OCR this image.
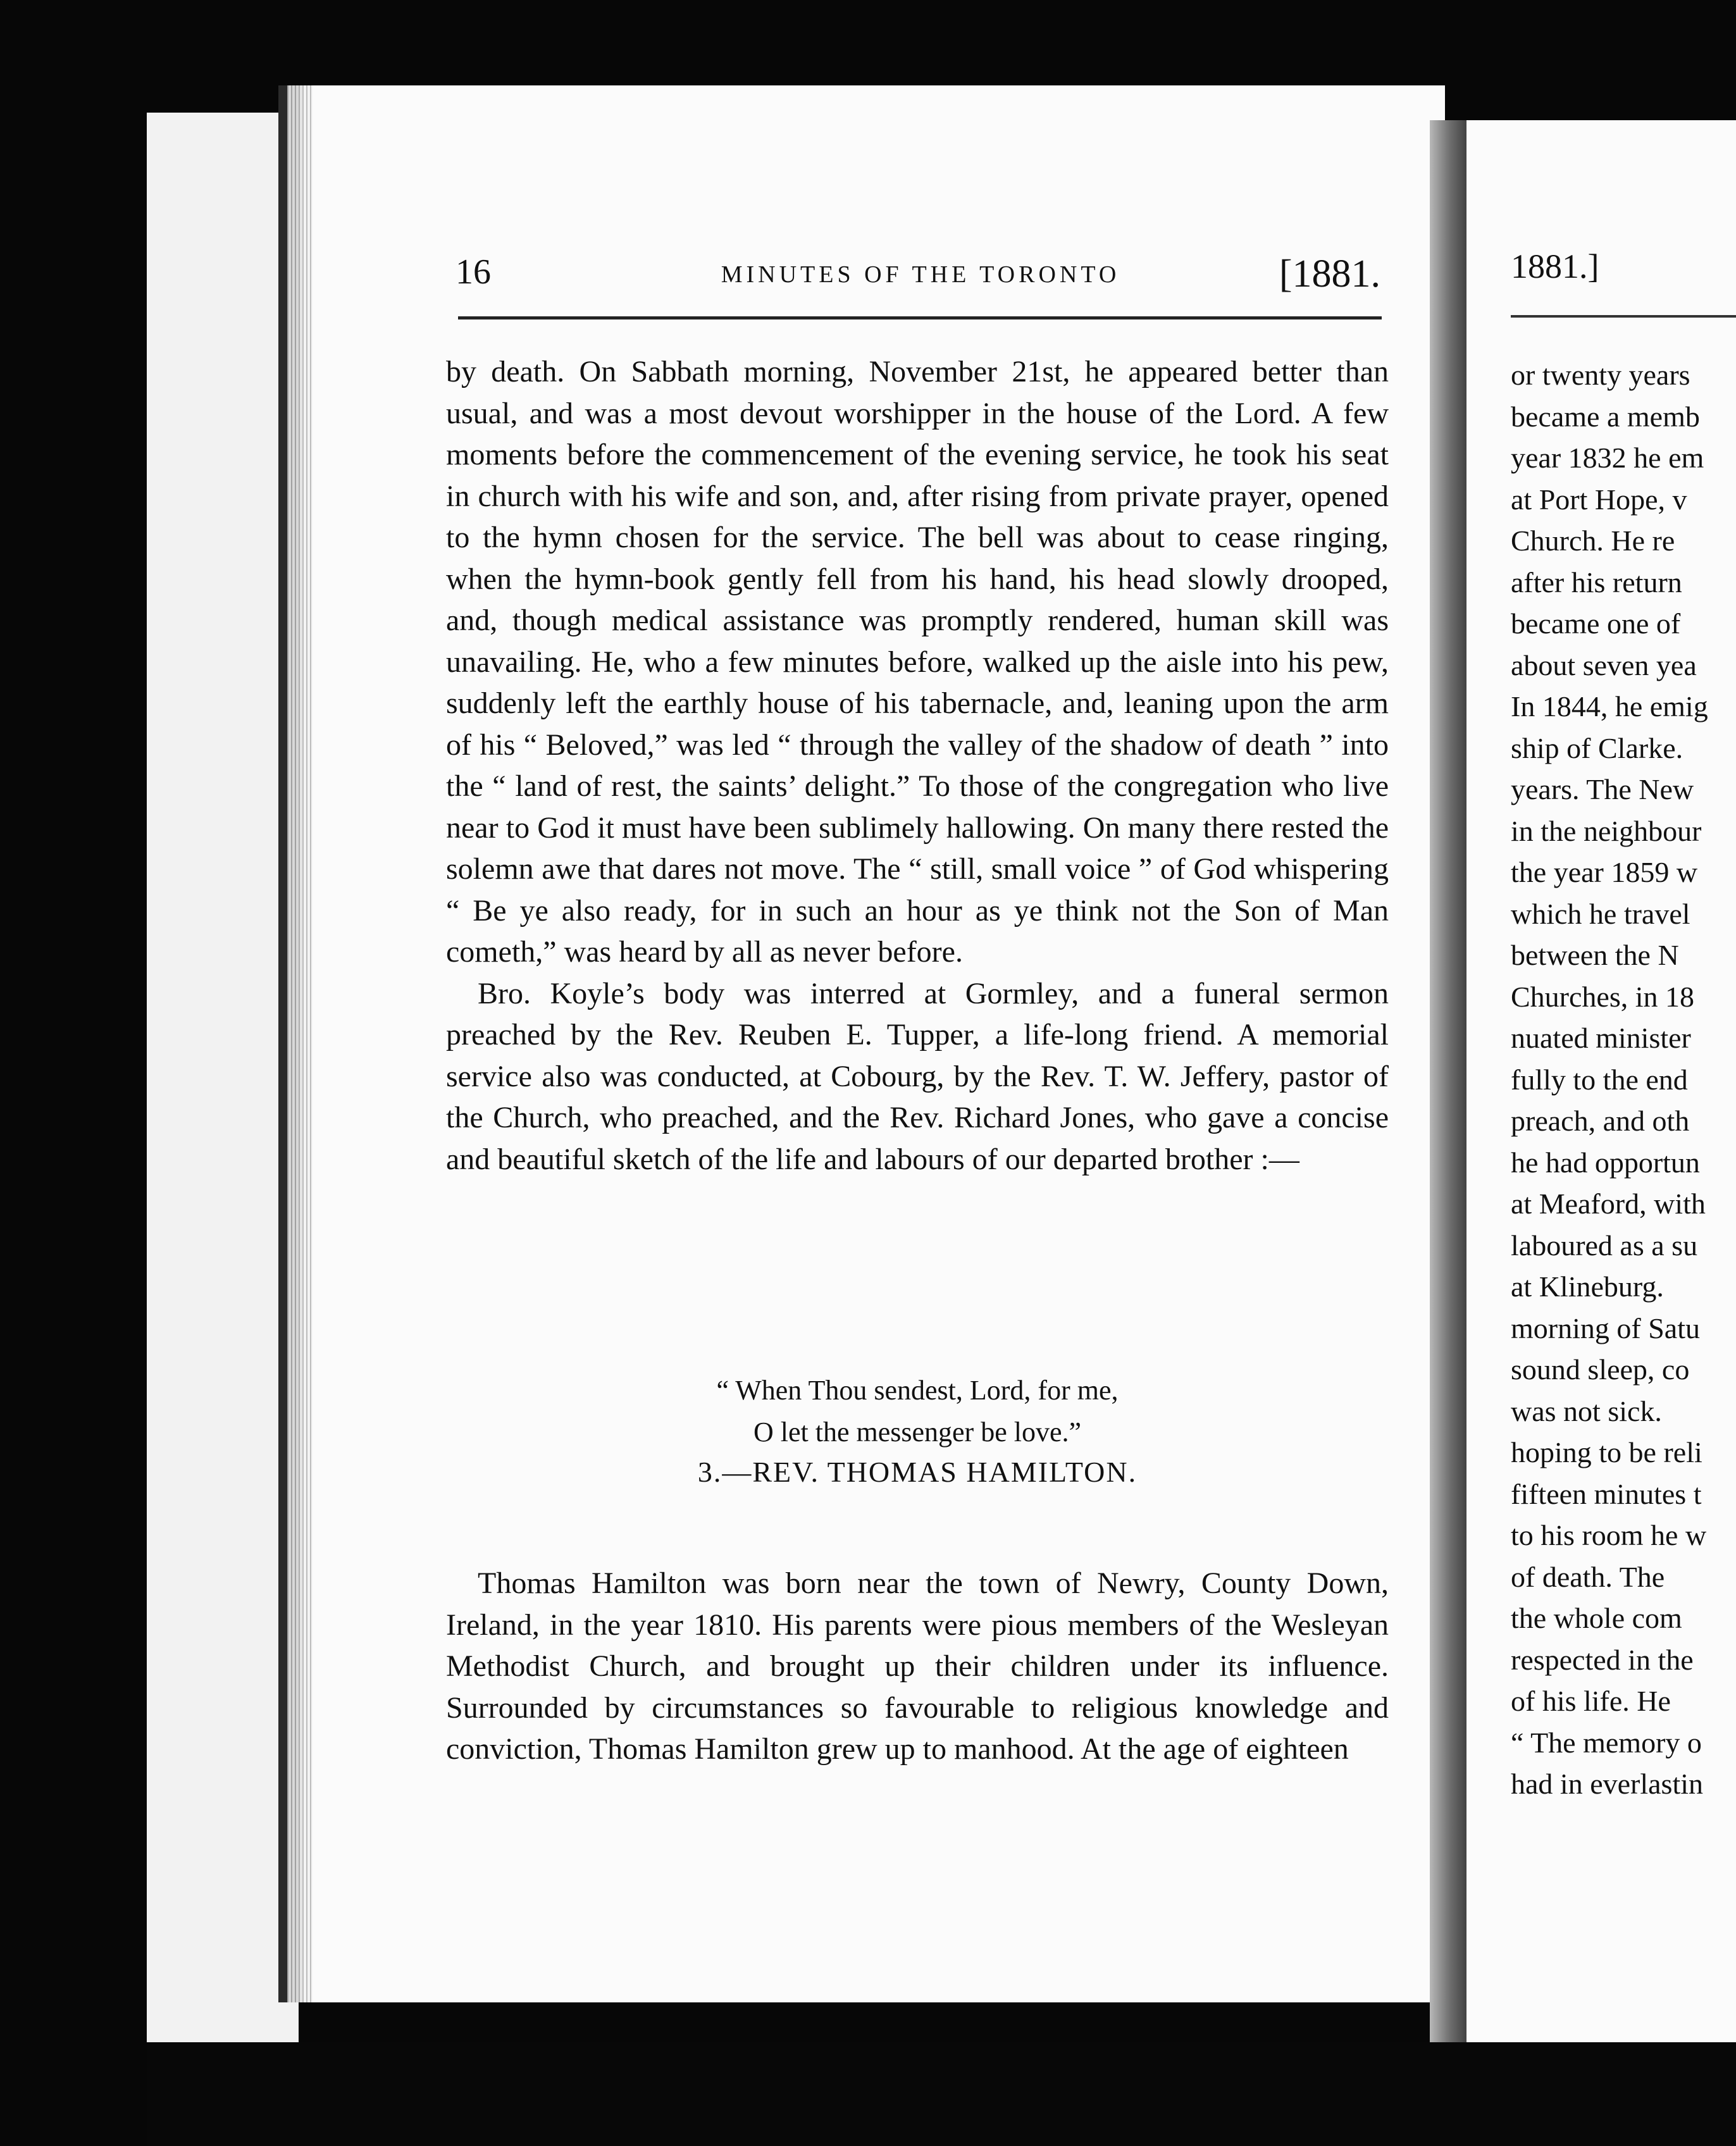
16	MINUTES OF THE TORONTO	[1881.

by death. On Sabbath morning, November 21st, he appeared better than usual, and was a most devout worshipper in the house of the Lord. A few moments before the commencement of the evening service, he took his seat in church with his wife and son, and, after rising from private prayer, opened to the hymn chosen for the service. The bell was about to cease ringing, when the hymn-book gently fell from his hand, his head slowly drooped, and, though medical assistance was promptly rendered, human skill was unavailing. He, who a few minutes before, walked up the aisle into his pew, suddenly left the earthly house of his tabernacle, and, leaning upon the arm of his “ Beloved,” was led “ through the valley of the shadow of death ” into the “ land of rest, the saints’ delight.” To those of the congregation who live near to God it must have been sublimely hallowing. On many there rested the solemn awe that dares not move. The “ still, small voice ” of God whispering “ Be ye also ready, for in such an hour as ye think not the Son of Man cometh,” was heard by all as never before.

Bro. Koyle’s body was interred at Gormley, and a funeral sermon preached by the Rev. Reuben E. Tupper, a life-long friend. A memorial service also was conducted, at Cobourg, by the Rev. T. W. Jeffery, pastor of the Church, who preached, and the Rev. Richard Jones, who gave a concise and beautiful sketch of the life and labours of our departed brother :—

“ When Thou sendest, Lord, for me,
O let the messenger be love.”
3.—REV. THOMAS HAMILTON.
Thomas Hamilton was born near the town of Newry, County Down, Ireland, in the year 1810. His parents were pious members of the Wesleyan Methodist Church, and brought up their children under its influence. Surrounded by circumstances so favourable to religious knowledge and conviction, Thomas Hamilton grew up to manhood. At the age of eighteen
1881.]
or twenty years
became a memb
year 1832 he em
at Port Hope, v
Church. He re
after his return
became one of
about seven yea
In 1844, he emig
ship of Clarke.
years. The New
in the neighbour
the year 1859 w
which he travel
between the N
Churches, in 18
nuated minister
fully to the end
preach, and oth
he had opportun
at Meaford, with
laboured as a su
at Klineburg.
morning of Satu
sound sleep, co
was not sick.
hoping to be reli
fifteen minutes t
to his room he w
of death. The
the whole com
respected in the
of his life. He
“ The memory o
had in everlastin
